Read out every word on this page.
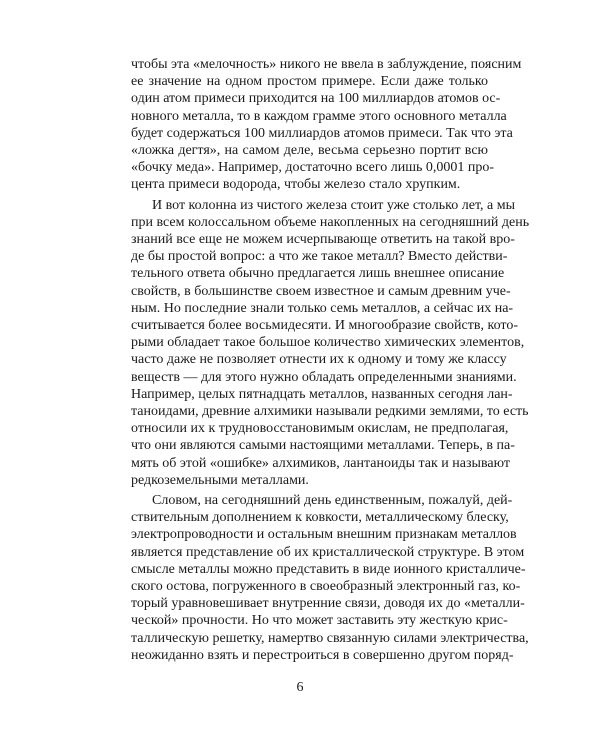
чтобы эта «мелочность» никого не ввела в заблуждение, поясним
ее значение на одном простом примере. Если даже только
один атом примеси приходится на 100 миллиардов атомов ос-
новного металла, то в каждом грамме этого основного металла
будет содержаться 100 миллиардов атомов примеси. Так что эта
«ложка дегтя», на самом деле, весьма серьезно портит всю
«бочку меда». Например, достаточно всего лишь 0,0001 про-
цента примеси водорода, чтобы железо стало хрупким.
И вот колонна из чистого железа стоит уже столько лет, а мы
при всем колоссальном объеме накопленных на сегодняшний день
знаний все еще не можем исчерпывающе ответить на такой вро-
де бы простой вопрос: а что же такое металл? Вместо действи-
тельного ответа обычно предлагается лишь внешнее описание
свойств, в большинстве своем известное и самым древним уче-
ным. Но последние знали только семь металлов, а сейчас их на-
считывается более восьмидесяти. И многообразие свойств, кото-
рыми обладает такое большое количество химических элементов,
часто даже не позволяет отнести их к одному и тому же классу
веществ — для этого нужно обладать определенными знаниями.
Например, целых пятнадцать металлов, названных сегодня лан-
таноидами, древние алхимики называли редкими землями, то есть
относили их к трудновосстановимым окислам, не предполагая,
что они являются самыми настоящими металлами. Теперь, в па-
мять об этой «ошибке» алхимиков, лантаноиды так и называют
редкоземельными металлами.
Словом, на сегодняшний день единственным, пожалуй, дей-
ствительным дополнением к ковкости, металлическому блеску,
электропроводности и остальным внешним признакам металлов
является представление об их кристаллической структуре. В этом
смысле металлы можно представить в виде ионного кристалличе-
ского остова, погруженного в своеобразный электронный газ, ко-
торый уравновешивает внутренние связи, доводя их до «металли-
ческой» прочности. Но что может заставить эту жесткую крис-
таллическую решетку, намертво связанную силами электричества,
неожиданно взять и перестроиться в совершенно другом поряд-
6
